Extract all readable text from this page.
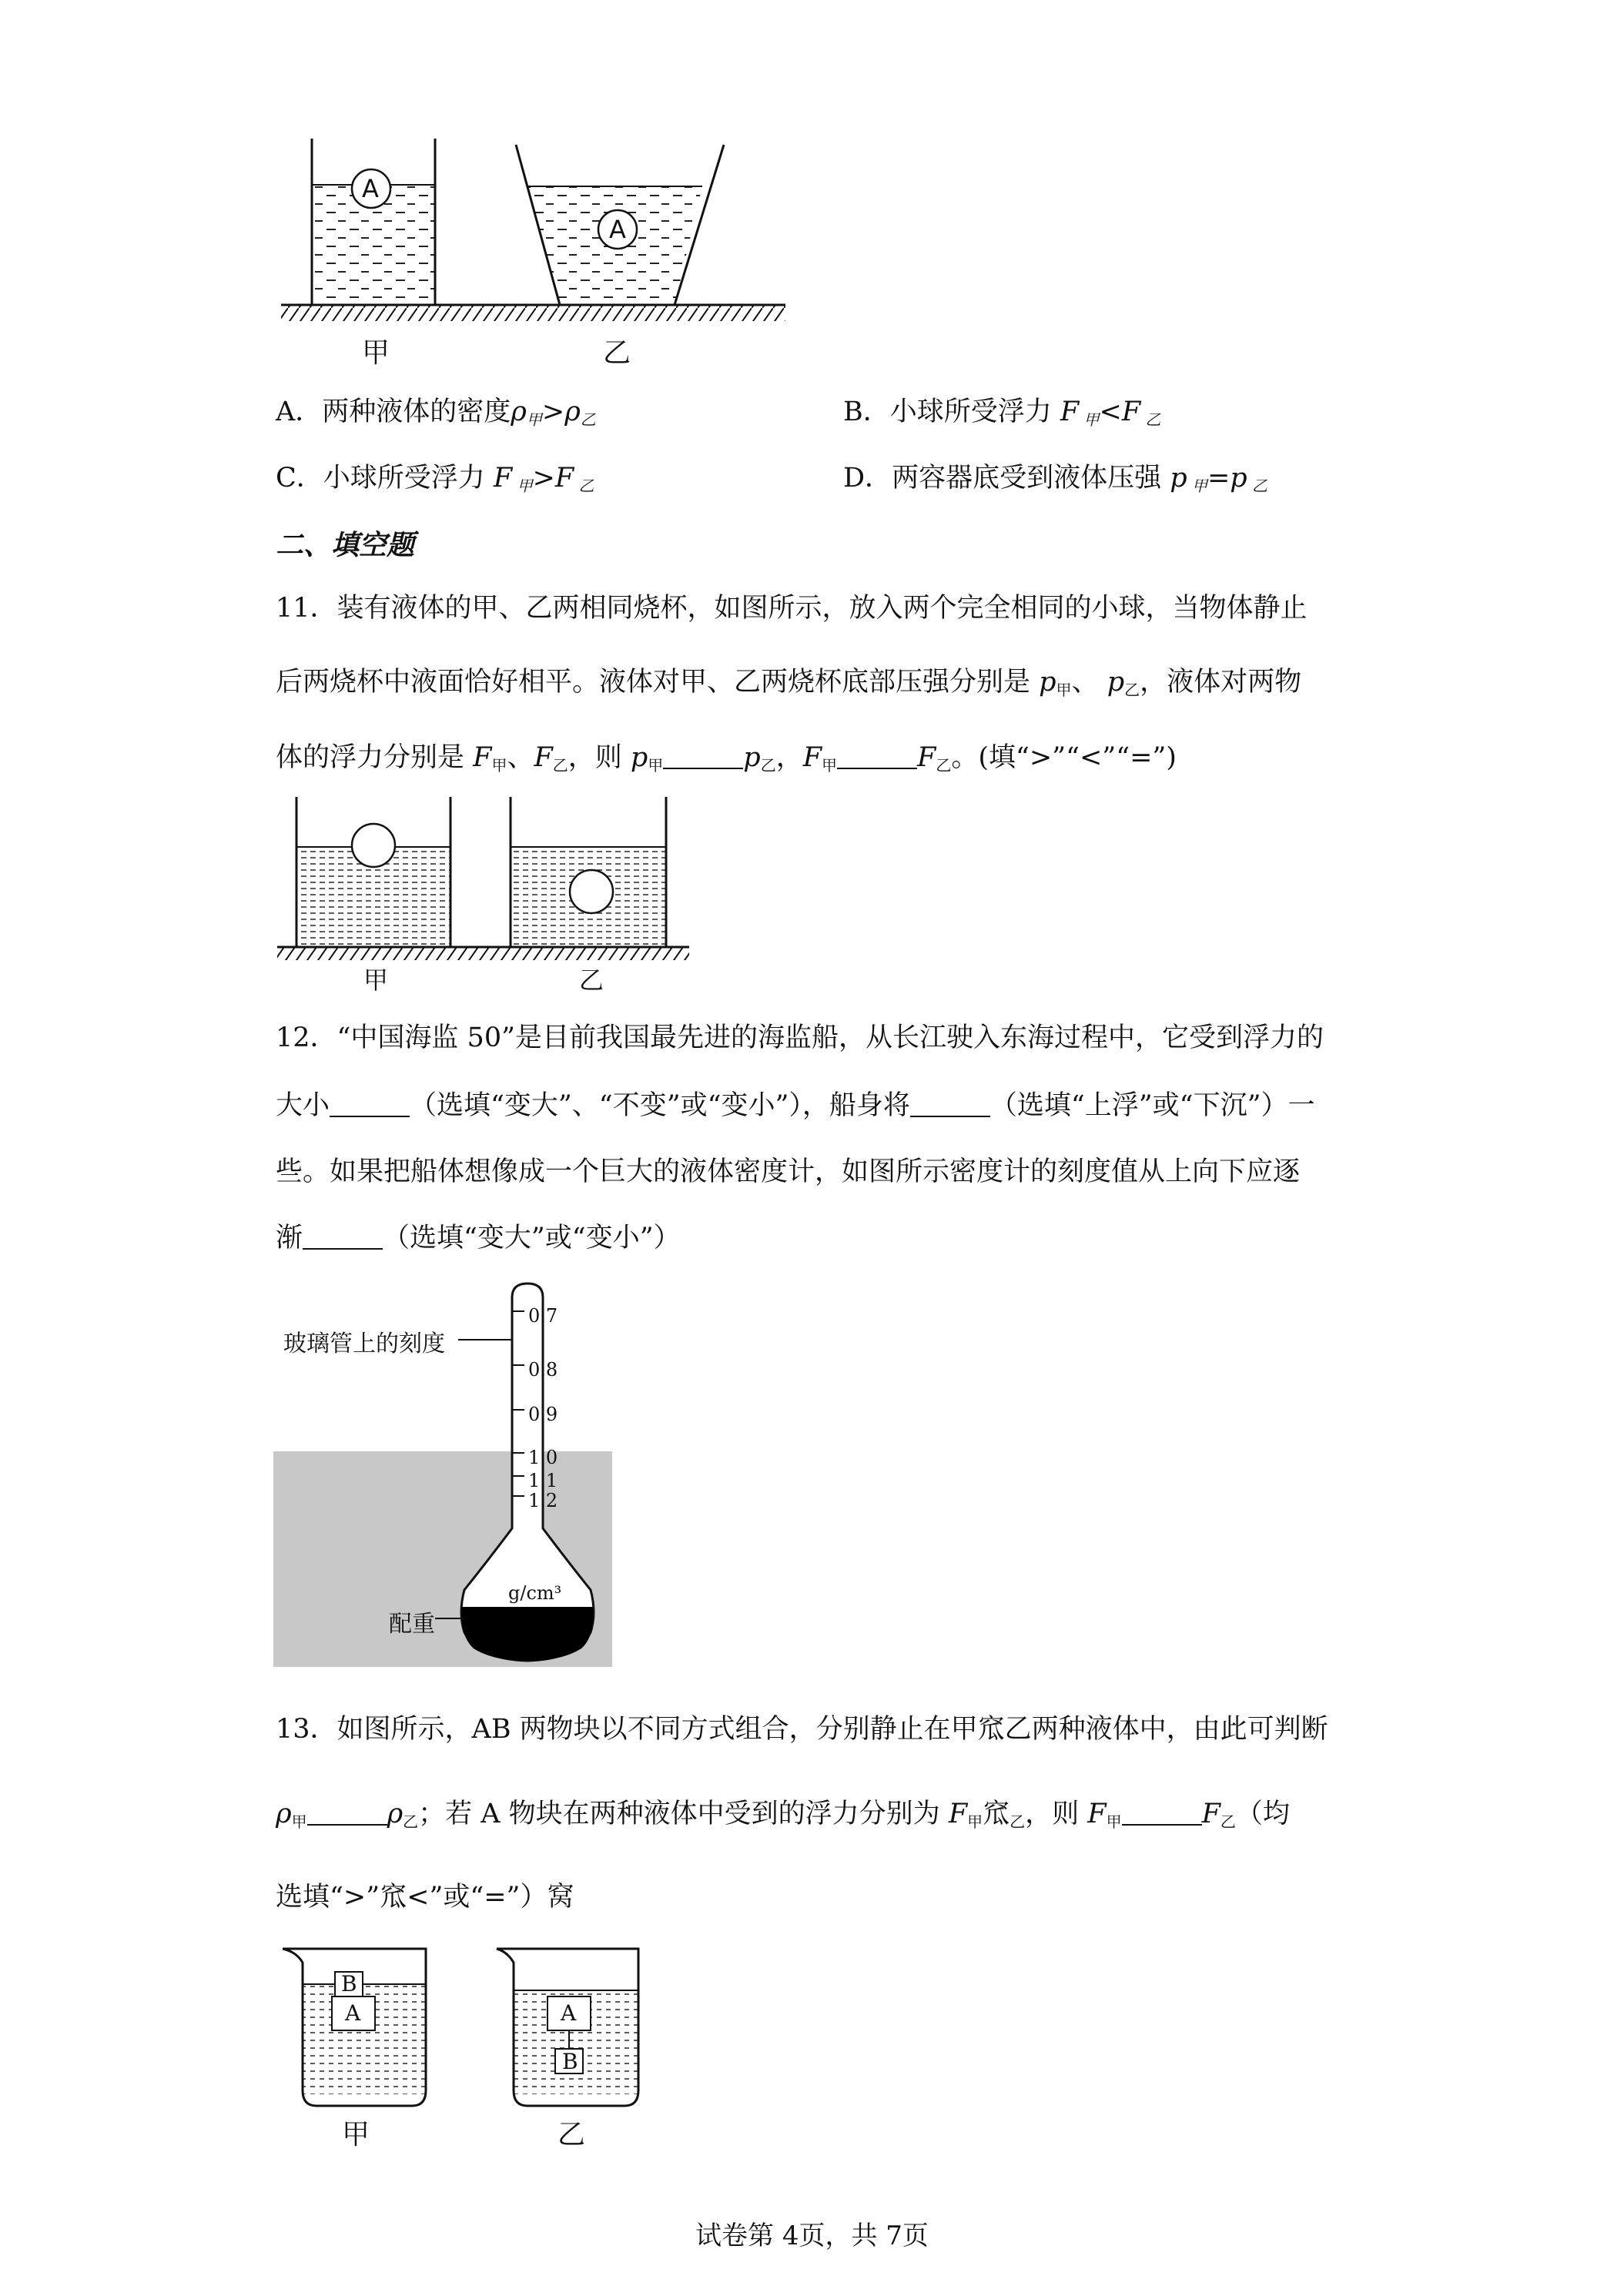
A
A
甲	乙
A．两种液体的密度$\rho_甲>\rho_乙$	B．小球所受浮力 F $_甲$<F $_乙$
C．小球所受浮力 F $_甲$>F $_乙$	D．两容器底受到液体压强 p $_甲$=p $_乙$
二、填空题
11．装有液体的甲、乙两相同烧杯，如图所示，放入两个完全相同的小球，当物体静止
后两烧杯中液面恰好相平。液体对甲、乙两烧杯底部压强分别是 $p_甲$、 $p_乙$，液体对两物
体的浮力分别是 $F_甲$、$F_乙$，则 $p_甲$	$p_乙$，$F_甲$	$F_乙$。(填“>”“<”“=”)
甲	乙
12．“中国海监 50”是目前我国最先进的海监船，从长江驶入东海过程中，它受到浮力的
大小	（选填“变大”、“不变”或“变小”），船身将	（选填“上浮”或“下沉”）一
些。如果把船体想像成一个巨大的液体密度计，如图所示密度计的刻度值从上向下应逐
渐	（选填“变大”或“变小”）
0.7
0.8
0.9
1.0
1.1
1.2
g/cm³
玻璃管上的刻度
配重
13．如图所示，AB 两物块以不同方式组合，分别静止在甲窊乙两种液体中，由此可判断
$\rho_甲$	$\rho_乙$；若 A 物块在两种液体中受到的浮力分别为 $F_甲$窊$_乙$，则 $F_甲$	$F_乙$（均
选填“>”窊<”或“=”）窝
B
A	A
B
甲	乙
试卷第 4页，共 7页
